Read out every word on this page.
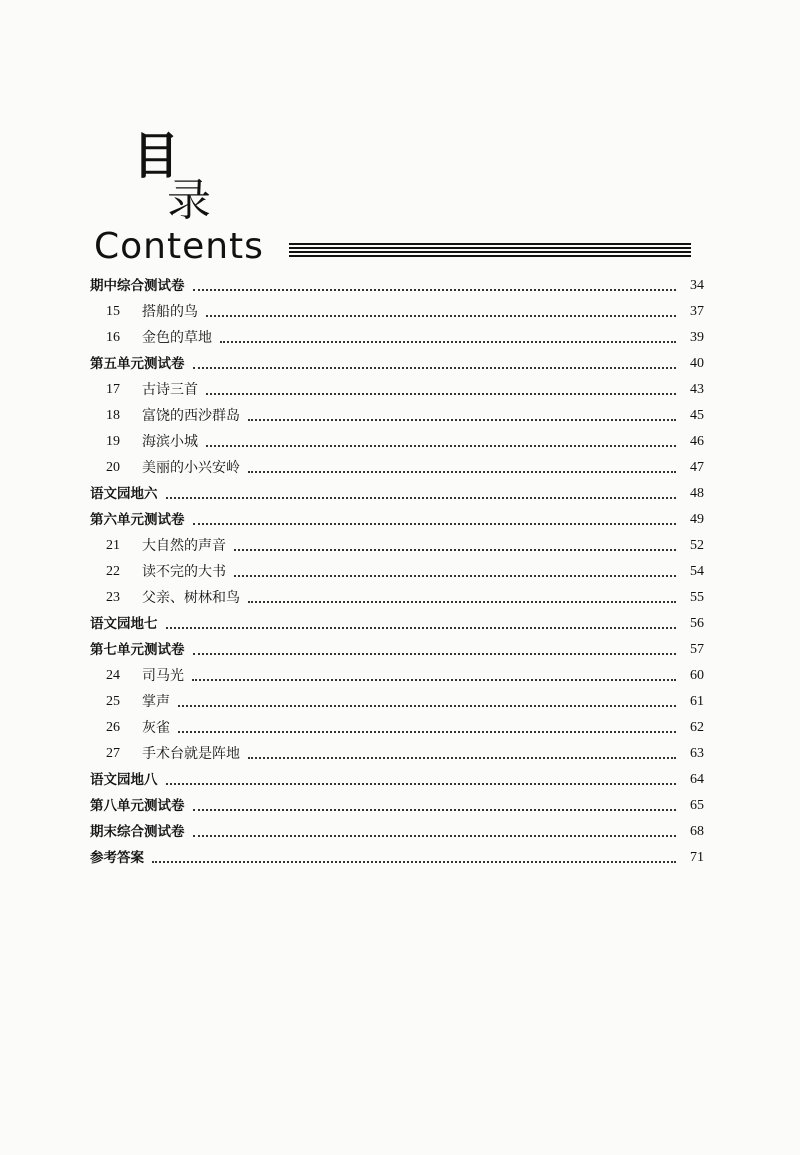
目
录
Contents
期中综合测试卷	34
15	搭船的鸟	37
16	金色的草地	39
第五单元测试卷	40
17	古诗三首	43
18	富饶的西沙群岛	45
19	海滨小城	46
20	美丽的小兴安岭	47
语文园地六	48
第六单元测试卷	49
21	大自然的声音	52
22	读不完的大书	54
23	父亲、树林和鸟	55
语文园地七	56
第七单元测试卷	57
24	司马光	60
25	掌声	61
26	灰雀	62
27	手术台就是阵地	63
语文园地八	64
第八单元测试卷	65
期末综合测试卷	68
参考答案	71
